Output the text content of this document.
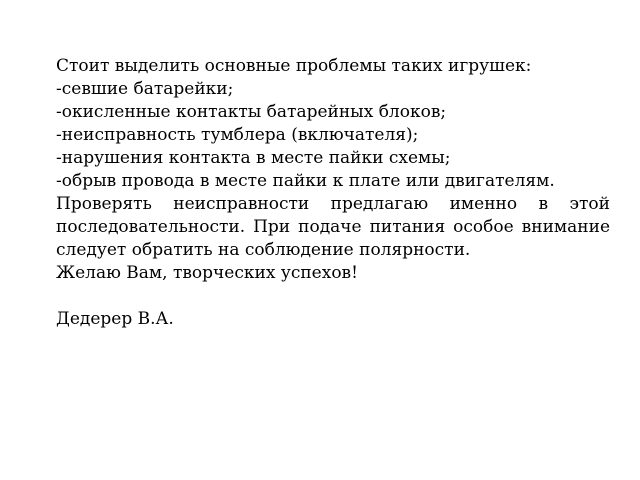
Стоит выделить основные проблемы таких игрушек:
-севшие батарейки;
-окисленные контакты батарейных блоков;
-неисправность тумблера (включателя);
-нарушения контакта в месте пайки схемы;
-обрыв провода в месте пайки к плате или двигателям.
Проверять неисправности предлагаю именно в этой последовательности. При подаче питания особое внимание следует обратить на соблюдение полярности.
Желаю Вам, творческих успехов!
Дедерер В.А.
